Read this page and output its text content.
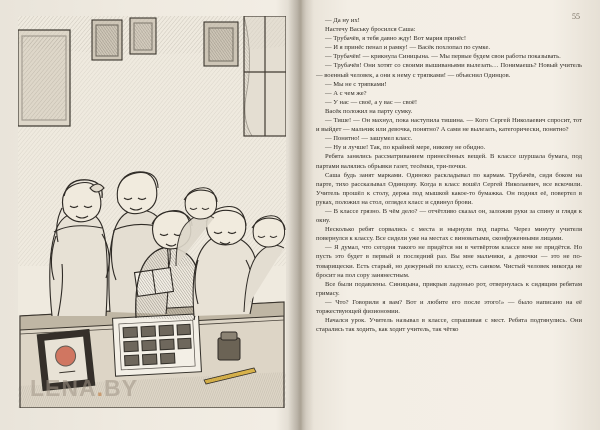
LENA.BY
55

— Да ну их!

Настечу Ваську бросился Саша:

— Трубачёв, я тебя давно жду! Вот мария принёс!

— И я принёс пенал и рамку! — Васёк похлопал по сумке.

— Трубачёв! — крикнула Синицына. — Мы первые будем свои работы показывать.

— Трубачёв! Они хотят со своими вышиваньями вылезать… Понимаешь? Новый учитель — военный человек, а они к нему с тряпками! — объяснил Одинцов.

— Мы не с тряпками!

— А с чем же?

— У нас — своё, а у вас — своё!

Васёк положил на парту сумку.

— Тише! — Он махнул, пока наступила тишина. — Кого Сергей Николаевич спросит, тот и выйдет — мальчик или девочка, понятно? А сами не вылезать, категорически, понятно?

— Понятно! — зашумел класс.

— Ну и лучше! Так, по крайней мере, никому не обидно.

Ребята занялись рассматриванием принесённых вещей. В классе шуршала бумага, под партами валялись обрывки газет, тесёмки, три-почки.

Саша будь занят марками. Одиноко раскладывал по кармам. Трубачёв, сидя боком на парте, тихо рассказывал Одинцову. Когда в класс вошёл Сергей Николаевич, все вскочили. Учитель прошёл к столу, держа под мышкой какое-то бумажка. Он поднял её, повертел в руках, положил на стол, оглядел класс и сдвинул брови.

— В классе грязно. В чём дело? — отчётливо сказал он, заложив руки за спину и глядя к окну.

Несколько ребят сорвались с места и нырнули под парты. Через минуту учителя повернулся к классу. Все сидели уже на местах с виноватыми, сконфуженными лицами.

— Я думал, что сегодня такого не придётся ни в четвёртом классе мне не придётся. Но пусть это будет в первый и последний раз. Вы мне мальчики, а девочки — это не по-товарищески. Есть старый, но дежурный по классу, есть санком. Чистый человек никогда не бросит на пол сору занянестным.

Все были подавлены. Синицына, прикрыв ладонью рот, отвернулась к сидящим ребятам гримасу.

— Что? Говорили я вам? Вот и любите его после этого!» — было написано на её торжествующей физиономии.

Начался урок. Учитель называл в классе, спрашивая с мест. Ребята подтянулись. Они старались так ходить, как ходит учитель, так чётко
